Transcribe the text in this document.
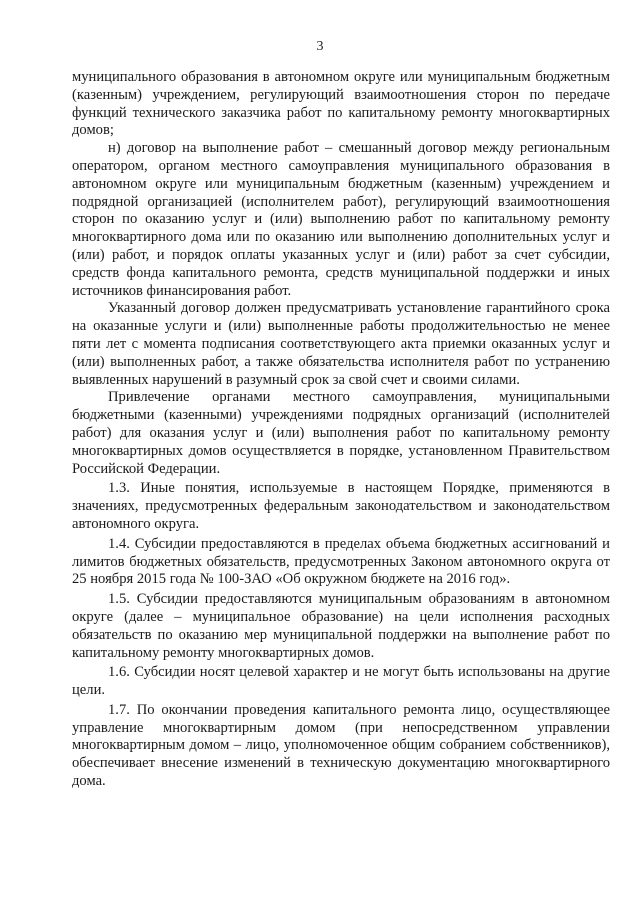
3

муниципального образования в автономном округе или муниципальным бюджетным (казенным) учреждением, регулирующий взаимоотношения сторон по передаче функций технического заказчика работ по капитальному ремонту многоквартирных домов;

н) договор на выполнение работ – смешанный договор между региональным оператором, органом местного самоуправления муниципального образования в автономном округе или муниципальным бюджетным (казенным) учреждением и подрядной организацией (исполнителем работ), регулирующий взаимоотношения сторон по оказанию услуг и (или) выполнению работ по капитальному ремонту многоквартирного дома или по оказанию или выполнению дополнительных услуг и (или) работ, и порядок оплаты указанных услуг и (или) работ за счет субсидии, средств фонда капитального ремонта, средств муниципальной поддержки и иных источников финансирования работ.

Указанный договор должен предусматривать установление гарантийного срока на оказанные услуги и (или) выполненные работы продолжительностью не менее пяти лет с момента подписания соответствующего акта приемки оказанных услуг и (или) выполненных работ, а также обязательства исполнителя работ по устранению выявленных нарушений в разумный срок за свой счет и своими силами.

Привлечение органами местного самоуправления, муниципальными бюджетными (казенными) учреждениями подрядных организаций (исполнителей работ) для оказания услуг и (или) выполнения работ по капитальному ремонту многоквартирных домов осуществляется в порядке, установленном Правительством Российской Федерации.

1.3. Иные понятия, используемые в настоящем Порядке, применяются в значениях, предусмотренных федеральным законодательством и законодательством автономного округа.

1.4. Субсидии предоставляются в пределах объема бюджетных ассигнований и лимитов бюджетных обязательств, предусмотренных Законом автономного округа от 25 ноября 2015 года № 100-ЗАО «Об окружном бюджете на 2016 год».

1.5. Субсидии предоставляются муниципальным образованиям в автономном округе (далее – муниципальное образование) на цели исполнения расходных обязательств по оказанию мер муниципальной поддержки на выполнение работ по капитальному ремонту многоквартирных домов.

1.6. Субсидии носят целевой характер и не могут быть использованы на другие цели.

1.7. По окончании проведения капитального ремонта лицо, осуществляющее управление многоквартирным домом (при непосредственном управлении многоквартирным домом – лицо, уполномоченное общим собранием собственников), обеспечивает внесение изменений в техническую документацию многоквартирного дома.
